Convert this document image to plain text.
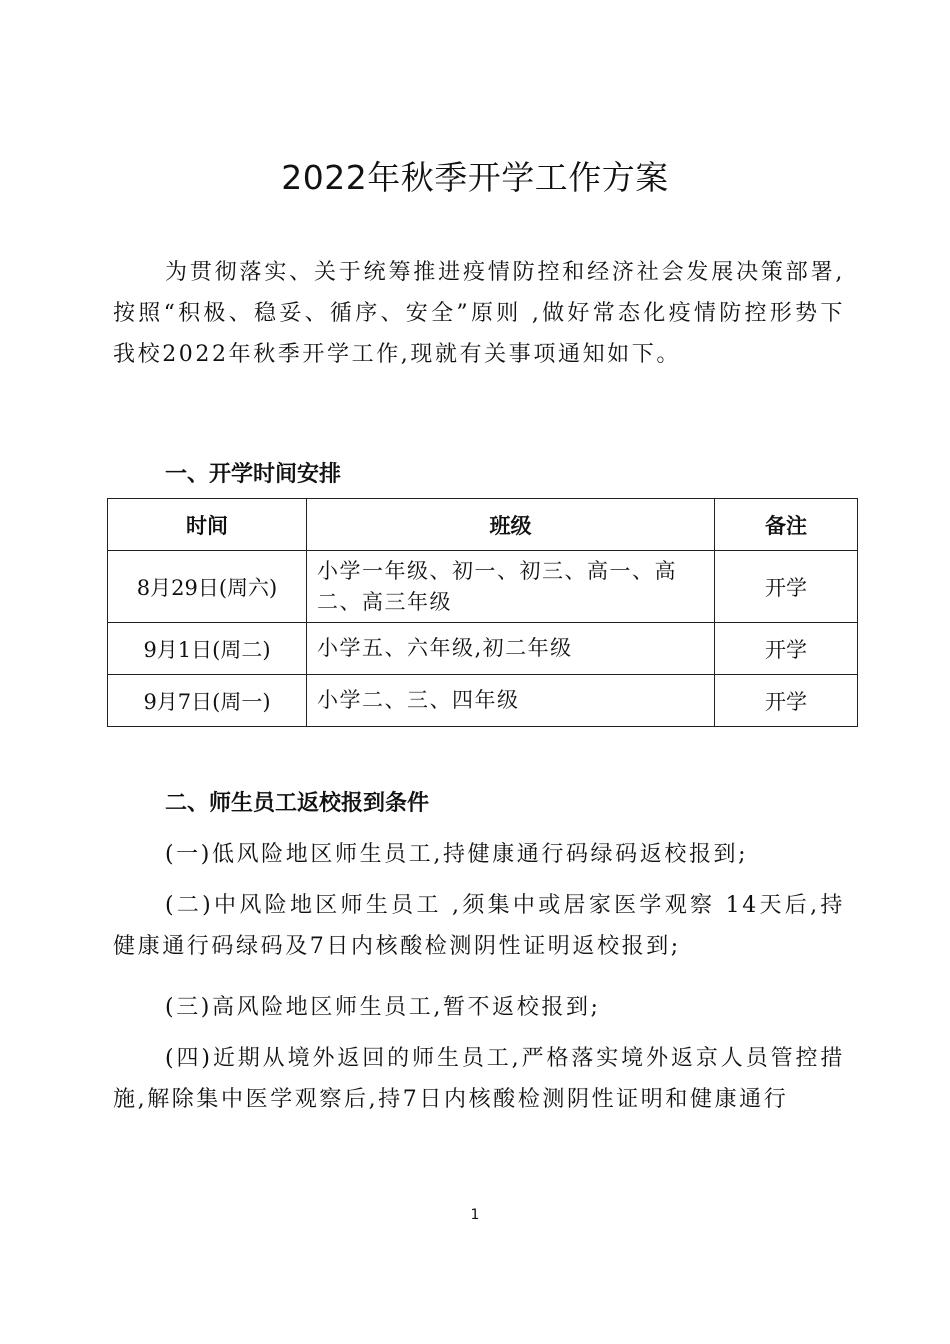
2022年秋季开学工作方案

为贯彻落实、关于统筹推进疫情防控和经济社会发展决策部署,按照“积极、稳妥、循序、安全”原则 ,做好常态化疫情防控形势下我校2022年秋季开学工作,现就有关事项通知如下。

一、开学时间安排
时间	班级	备注
8月29日(周六)	小学一年级、初一、初三、高一、高二、高三年级	开学
9月1日(周二)	小学五、六年级,初二年级	开学
9月7日(周一)	小学二、三、四年级	开学
二、师生员工返校报到条件

(一)低风险地区师生员工,持健康通行码绿码返校报到;

(二)中风险地区师生员工 ,须集中或居家医学观察 14天后,持健康通行码绿码及7日内核酸检测阴性证明返校报到;

(三)高风险地区师生员工,暂不返校报到;

(四)近期从境外返回的师生员工,严格落实境外返京人员管控措施,解除集中医学观察后,持7日内核酸检测阴性证明和健康通行

1
